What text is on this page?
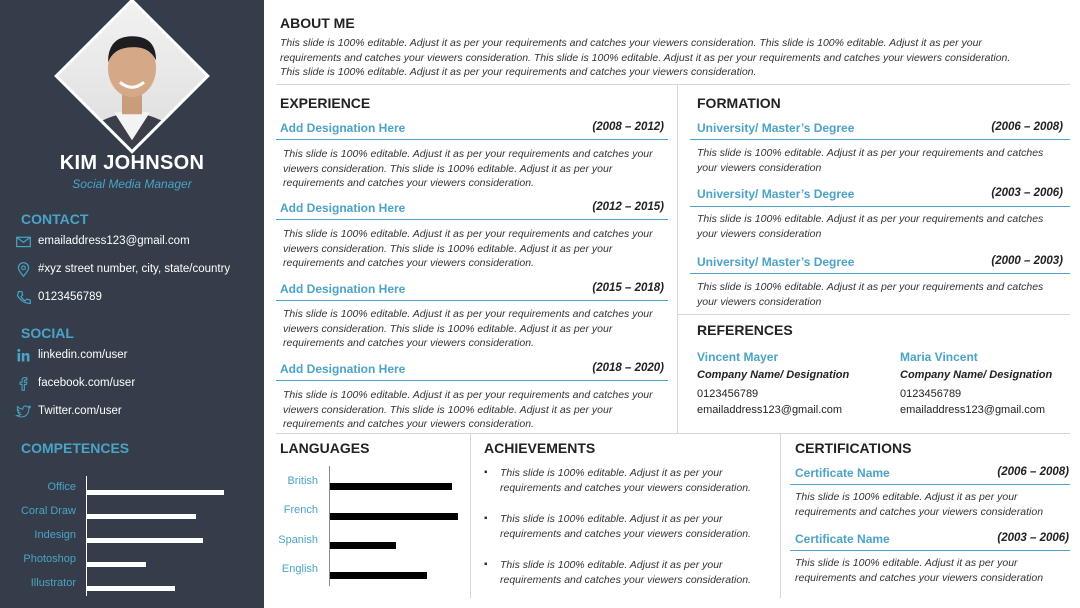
KIM JOHNSON
Social Media Manager
CONTACT
emailaddress123@gmail.com
#xyz street number, city, state/country
0123456789
SOCIAL
linkedin.com/user
facebook.com/user
Twitter.com/user
COMPETENCES
Office
Coral Draw
Indesign
Photoshop
Illustrator
ABOUT ME
This slide is 100% editable. Adjust it as per your requirements and catches your viewers consideration. This slide is 100% editable. Adjust it as per your
requirements and catches your viewers consideration. This slide is 100% editable. Adjust it as per your requirements and catches your viewers consideration.
This slide is 100% editable. Adjust it as per your requirements and catches your viewers consideration.
EXPERIENCE
Add Designation Here	(2008 – 2012)
This slide is 100% editable. Adjust it as per your requirements and catches your
viewers consideration. This slide is 100% editable. Adjust it as per your
requirements and catches your viewers consideration.
Add Designation Here	(2012 – 2015)
This slide is 100% editable. Adjust it as per your requirements and catches your
viewers consideration. This slide is 100% editable. Adjust it as per your
requirements and catches your viewers consideration.
Add Designation Here	(2015 – 2018)
This slide is 100% editable. Adjust it as per your requirements and catches your
viewers consideration. This slide is 100% editable. Adjust it as per your
requirements and catches your viewers consideration.
Add Designation Here	(2018 – 2020)
This slide is 100% editable. Adjust it as per your requirements and catches your
viewers consideration. This slide is 100% editable. Adjust it as per your
requirements and catches your viewers consideration.
FORMATION
University/ Master’s Degree	(2006 – 2008)
This slide is 100% editable. Adjust it as per your requirements and catches
your viewers consideration
University/ Master’s Degree	(2003 – 2006)
This slide is 100% editable. Adjust it as per your requirements and catches
your viewers consideration
University/ Master’s Degree	(2000 – 2003)
This slide is 100% editable. Adjust it as per your requirements and catches
your viewers consideration
REFERENCES
Vincent Mayer
Company Name/ Designation
0123456789
emailaddress123@gmail.com
Maria Vincent
Company Name/ Designation
0123456789
emailaddress123@gmail.com
LANGUAGES
British
French
Spanish
English
ACHIEVEMENTS
▪	This slide is 100% editable. Adjust it as per your
requirements and catches your viewers consideration.
▪	This slide is 100% editable. Adjust it as per your
requirements and catches your viewers consideration.
▪	This slide is 100% editable. Adjust it as per your
requirements and catches your viewers consideration.
CERTIFICATIONS
Certificate Name	(2006 – 2008)
This slide is 100% editable. Adjust it as per your
requirements and catches your viewers consideration
Certificate Name	(2003 – 2006)
This slide is 100% editable. Adjust it as per your
requirements and catches your viewers consideration
